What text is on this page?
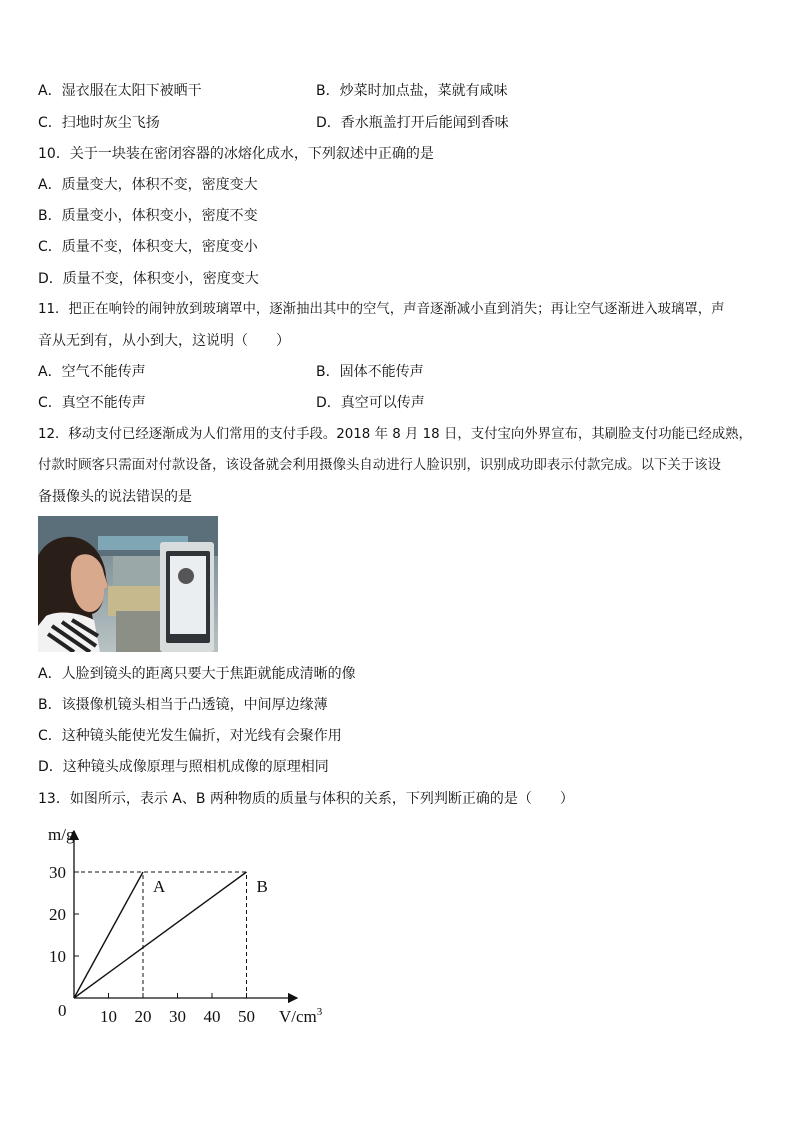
A．湿衣服在太阳下被晒干	B．炒菜时加点盐，菜就有咸味
C．扫地时灰尘飞扬	D．香水瓶盖打开后能闻到香味
10．关于一块装在密闭容器的冰熔化成水，下列叙述中正确的是
A．质量变大，体积不变，密度变大
B．质量变小，体积变小，密度不变
C．质量不变，体积变大，密度变小
D．质量不变，体积变小，密度变大
11．把正在响铃的闹钟放到玻璃罩中，逐渐抽出其中的空气，声音逐渐减小直到消失；再让空气逐渐进入玻璃罩，声
音从无到有，从小到大，这说明（　　）
A．空气不能传声	B．固体不能传声
C．真空不能传声	D．真空可以传声
12．移动支付已经逐渐成为人们常用的支付手段。2018 年 8 月 18 日，支付宝向外界宣布，其刷脸支付功能已经成熟，
付款时顾客只需面对付款设备，该设备就会利用摄像头自动进行人脸识别，识别成功即表示付款完成。以下关于该设
备摄像头的说法错误的是
A．人脸到镜头的距离只要大于焦距就能成清晰的像
B．该摄像机镜头相当于凸透镜，中间厚边缘薄
C．这种镜头能使光发生偏折，对光线有会聚作用
D．这种镜头成像原理与照相机成像的原理相同
13．如图所示，表示 A、B 两种物质的质量与体积的关系，下列判断正确的是（　　）
A	B
10 20 30 40 50
10
20
30
m/g
$V/cm^3$
0
